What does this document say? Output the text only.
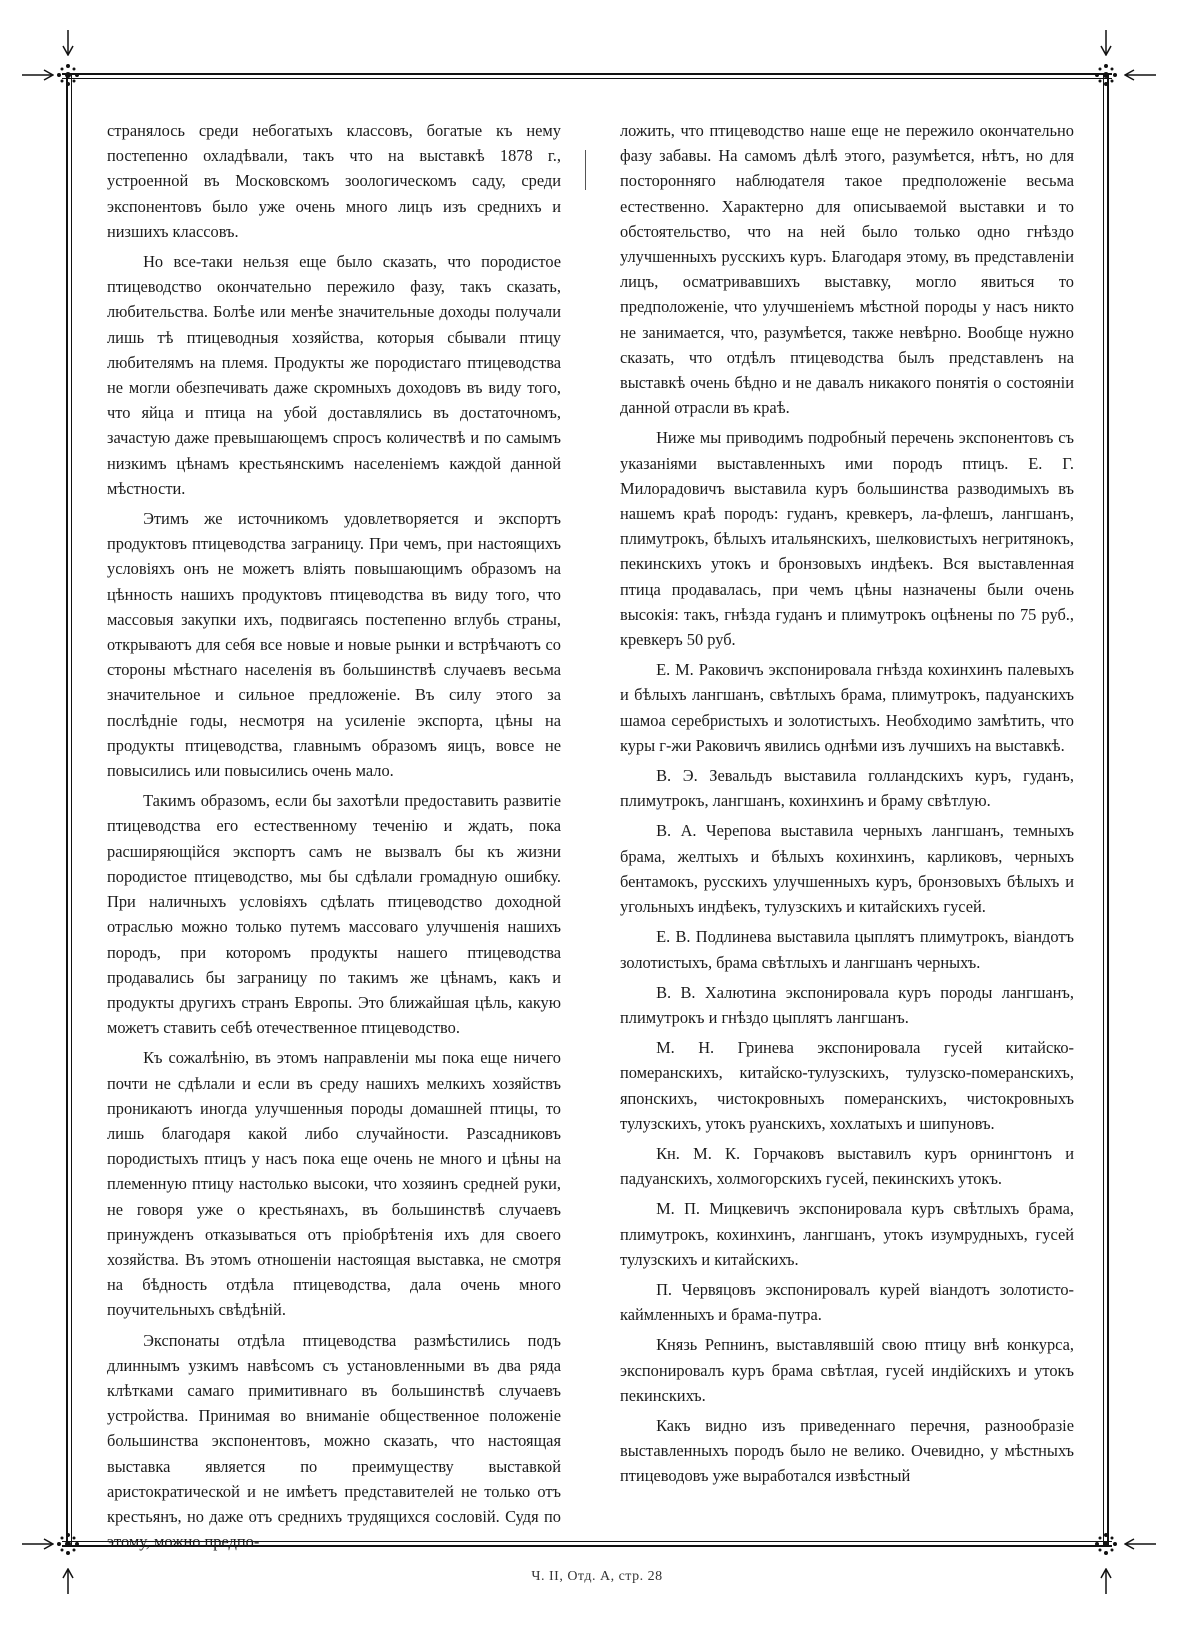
странялось среди небогатыхъ классовъ, богатые къ нему постепенно охладѣвали, такъ что на выставкѣ 1878 г., устроенной въ Московскомъ зоологическомъ саду, среди экспонентовъ было уже очень много лицъ изъ среднихъ и низшихъ классовъ.

Но все-таки нельзя еще было сказать, что породистое птицеводство окончательно пережило фазу, такъ сказать, любительства. Болѣе или менѣе значительные доходы получали лишь тѣ птицеводныя хозяйства, которыя сбывали птицу любителямъ на племя. Продукты же породистаго птицеводства не могли обезпечивать даже скромныхъ доходовъ въ виду того, что яйца и птица на убой доставлялись въ достаточномъ, зачастую даже превышающемъ спросъ количествѣ и по самымъ низкимъ цѣнамъ крестьянскимъ населеніемъ каждой данной мѣстности.

Этимъ же источникомъ удовлетворяется и экспортъ продуктовъ птицеводства заграницу. При чемъ, при настоящихъ условіяхъ онъ не можетъ вліять повышающимъ образомъ на цѣнность нашихъ продуктовъ птицеводства въ виду того, что массовыя закупки ихъ, подвигаясь постепенно вглубь страны, открываютъ для себя все новые и новые рынки и встрѣчаютъ со стороны мѣстнаго населенія въ большинствѣ случаевъ весьма значительное и сильное предложеніе. Въ силу этого за послѣдніе годы, несмотря на усиленіе экспорта, цѣны на продукты птицеводства, главнымъ образомъ яицъ, вовсе не повысились или повысились очень мало.

Такимъ образомъ, если бы захотѣли предоставить развитіе птицеводства его естественному теченію и ждать, пока расширяющійся экспортъ самъ не вызвалъ бы къ жизни породистое птицеводство, мы бы сдѣлали громадную ошибку. При наличныхъ условіяхъ сдѣлать птицеводство доходной отраслью можно только путемъ массоваго улучшенія нашихъ породъ, при которомъ продукты нашего птицеводства продавались бы заграницу по такимъ же цѣнамъ, какъ и продукты другихъ странъ Европы. Это ближайшая цѣль, какую можетъ ставить себѣ отечественное птицеводство.

Къ сожалѣнію, въ этомъ направленіи мы пока еще ничего почти не сдѣлали и если въ среду нашихъ мелкихъ хозяйствъ проникаютъ иногда улучшенныя породы домашней птицы, то лишь благодаря какой либо случайности. Разсадниковъ породистыхъ птицъ у насъ пока еще очень не много и цѣны на племенную птицу настолько высоки, что хозяинъ средней руки, не говоря уже о крестьянахъ, въ большинствѣ случаевъ принужденъ отказываться отъ пріобрѣтенія ихъ для своего хозяйства. Въ этомъ отношеніи настоящая выставка, не смотря на бѣдность отдѣла птицеводства, дала очень много поучительныхъ свѣдѣній.

Экспонаты отдѣла птицеводства размѣстились подъ длиннымъ узкимъ навѣсомъ съ установленными въ два ряда клѣтками самаго примитивнаго въ большинствѣ случаевъ устройства. Принимая во вниманіе общественное положеніе большинства экспонентовъ, можно сказать, что настоящая выставка является по преимуществу выставкой аристократической и не имѣетъ представителей не только отъ крестьянъ, но даже отъ среднихъ трудящихся сословій. Судя по этому, можно предпо-

ложить, что птицеводство наше еще не пережило окончательно фазу забавы. На самомъ дѣлѣ этого, разумѣется, нѣтъ, но для посторонняго наблюдателя такое предположеніе весьма естественно. Характерно для описываемой выставки и то обстоятельство, что на ней было только одно гнѣздо улучшенныхъ русскихъ куръ. Благодаря этому, въ представленіи лицъ, осматривавшихъ выставку, могло явиться то предположеніе, что улучшеніемъ мѣстной породы у насъ никто не занимается, что, разумѣется, также невѣрно. Вообще нужно сказать, что отдѣлъ птицеводства былъ представленъ на выставкѣ очень бѣдно и не давалъ никакого понятія о состояніи данной отрасли въ краѣ.

Ниже мы приводимъ подробный перечень экспонентовъ съ указаніями выставленныхъ ими породъ птицъ. Е. Г. Милорадовичъ выставила куръ большинства разводимыхъ въ нашемъ краѣ породъ: гуданъ, кревкеръ, ла-флешъ, лангшанъ, плимутрокъ, бѣлыхъ итальянскихъ, шелковистыхъ негритянокъ, пекинскихъ утокъ и бронзовыхъ индѣекъ. Вся выставленная птица продавалась, при чемъ цѣны назначены были очень высокія: такъ, гнѣзда гуданъ и плимутрокъ оцѣнены по 75 руб., кревкеръ 50 руб.

Е. М. Раковичъ экспонировала гнѣзда кохинхинъ палевыхъ и бѣлыхъ лангшанъ, свѣтлыхъ брама, плимутрокъ, падуанскихъ шамоа серебристыхъ и золотистыхъ. Необходимо замѣтить, что куры г-жи Раковичъ явились однѣми изъ лучшихъ на выставкѣ.

В. Э. Зевальдъ выставила голландскихъ куръ, гуданъ, плимутрокъ, лангшанъ, кохинхинъ и браму свѣтлую.

В. А. Черепова выставила черныхъ лангшанъ, темныхъ брама, желтыхъ и бѣлыхъ кохинхинъ, карликовъ, черныхъ бентамокъ, русскихъ улучшенныхъ куръ, бронзовыхъ бѣлыхъ и угольныхъ индѣекъ, тулузскихъ и китайскихъ гусей.

Е. В. Подлинева выставила цыплятъ плимутрокъ, віандотъ золотистыхъ, брама свѣтлыхъ и лангшанъ черныхъ.

В. В. Халютина экспонировала куръ породы лангшанъ, плимутрокъ и гнѣздо цыплятъ лангшанъ.

М. Н. Гринева экспонировала гусей китайско-померанскихъ, китайско-тулузскихъ, тулузско-померанскихъ, японскихъ, чистокровныхъ померанскихъ, чистокровныхъ тулузскихъ, утокъ руанскихъ, хохлатыхъ и шипуновъ.

Кн. М. К. Горчаковъ выставилъ куръ орнингтонъ и падуанскихъ, холмогорскихъ гусей, пекинскихъ утокъ.

М. П. Мицкевичъ экспонировала куръ свѣтлыхъ брама, плимутрокъ, кохинхинъ, лангшанъ, утокъ изумрудныхъ, гусей тулузскихъ и китайскихъ.

П. Червяцовъ экспонировалъ курей віандотъ золотисто-каймленныхъ и брама-путра.

Князь Репнинъ, выставлявшій свою птицу внѣ конкурса, экспонировалъ куръ брама свѣтлая, гусей индійскихъ и утокъ пекинскихъ.

Какъ видно изъ приведеннаго перечня, разнообразіе выставленныхъ породъ было не велико. Очевидно, у мѣстныхъ птицеводовъ уже выработался извѣстный

Ч. II, Отд. А, стр. 28
